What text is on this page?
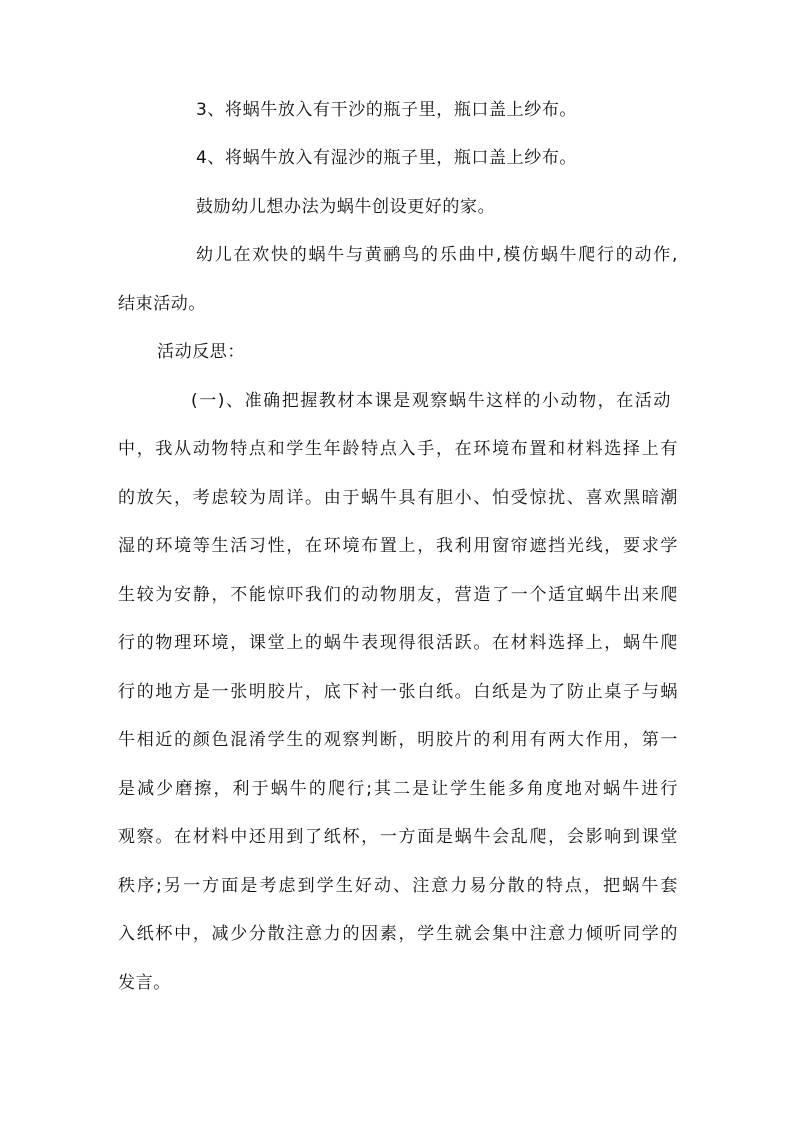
3、将蜗牛放入有干沙的瓶子里，瓶口盖上纱布。
4、将蜗牛放入有湿沙的瓶子里，瓶口盖上纱布。
鼓励幼儿想办法为蜗牛创设更好的家。
幼儿在欢快的蜗牛与黄鹂鸟的乐曲中,模仿蜗牛爬行的动作,
结束活动。
活动反思：
(一)、准确把握教材本课是观察蜗牛这样的小动物，在活动
中，我从动物特点和学生年龄特点入手，在环境布置和材料选择上有
的放矢，考虑较为周详。由于蜗牛具有胆小、怕受惊扰、喜欢黑暗潮
湿的环境等生活习性，在环境布置上，我利用窗帘遮挡光线，要求学
生较为安静，不能惊吓我们的动物朋友，营造了一个适宜蜗牛出来爬
行的物理环境，课堂上的蜗牛表现得很活跃。在材料选择上，蜗牛爬
行的地方是一张明胶片，底下衬一张白纸。白纸是为了防止桌子与蜗
牛相近的颜色混淆学生的观察判断，明胶片的利用有两大作用，第一
是减少磨擦，利于蜗牛的爬行;其二是让学生能多角度地对蜗牛进行
观察。在材料中还用到了纸杯，一方面是蜗牛会乱爬，会影响到课堂
秩序;另一方面是考虑到学生好动、注意力易分散的特点，把蜗牛套
入纸杯中，减少分散注意力的因素，学生就会集中注意力倾听同学的
发言。
